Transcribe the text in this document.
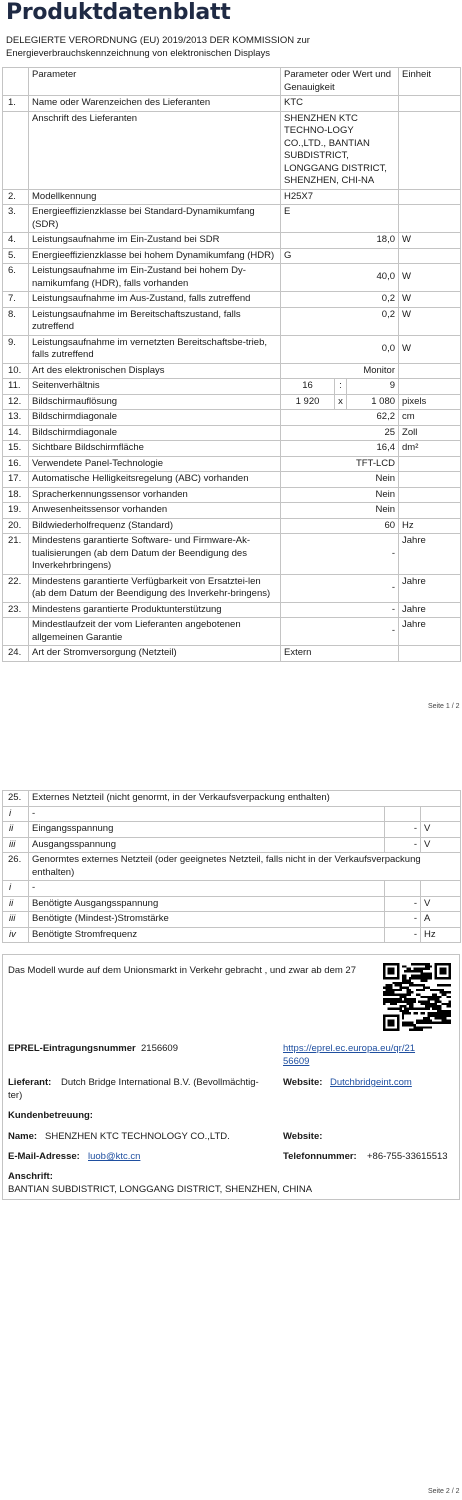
Produktdatenblatt
DELEGIERTE VERORDNUNG (EU) 2019/2013 DER KOMMISSION zur Energieverbrauchskennzeichnung von elektronischen Displays
	Parameter	Parameter oder Wert und Genauigkeit			Einheit
1.	Name oder Warenzeichen des Lieferanten	KTC			
	Anschrift des Lieferanten	SHENZHEN KTC TECHNO-LOGY CO.,LTD., BANTIAN SUBDISTRICT, LONGGANG DISTRICT, SHENZHEN, CHI-NA			
2.	Modellkennung	H25X7			
3.	Energieeffizienzklasse bei Standard-Dynamikumfang (SDR)	E			
4.	Leistungsaufnahme im Ein-Zustand bei SDR	18,0			W
5.	Energieeffizienzklasse bei hohem Dynamikumfang (HDR)	G			
6.	Leistungsaufnahme im Ein-Zustand bei hohem Dy-namikumfang (HDR), falls vorhanden	40,0			W
7.	Leistungsaufnahme im Aus-Zustand, falls zutreffend	0,2			W
8.	Leistungsaufnahme im Bereitschaftszustand, falls zutreffend	0,2			W
9.	Leistungsaufnahme im vernetzten Bereitschaftsbe-trieb, falls zutreffend	0,0			W
10.	Art des elektronischen Displays	Monitor			
11.	Seitenverhältnis	16	:	9	
12.	Bildschirmauflösung	1 920	x	1 080	pixels
13.	Bildschirmdiagonale	62,2			cm
14.	Bildschirmdiagonale	25			Zoll
15.	Sichtbare Bildschirmfläche	16,4			dm²
16.	Verwendete Panel-Technologie	TFT-LCD			
17.	Automatische Helligkeitsregelung (ABC) vorhanden	Nein			
18.	Spracherkennungssensor vorhanden	Nein			
19.	Anwesenheitssensor vorhanden	Nein			
20.	Bildwiederholfrequenz (Standard)	60			Hz
21.	Mindestens garantierte Software- und Firmware-Ak-tualisierungen (ab dem Datum der Beendigung des Inverkehrbringens)	-			Jahre
22.	Mindestens garantierte Verfügbarkeit von Ersatztei-len (ab dem Datum der Beendigung des Inverkehr-bringens)	-			Jahre
23.	Mindestens garantierte Produktunterstützung	-			Jahre
	Mindestlaufzeit der vom Lieferanten angebotenen allgemeinen Garantie	-			Jahre
24.	Art der Stromversorgung (Netzteil)	Extern			
Seite 1 / 2
25.	Externes Netzteil (nicht genormt, in der Verkaufsverpackung enthalten)		
i	-		
ii	Eingangsspannung	-	V
iii	Ausgangsspannung	-	V
26.	Genormtes externes Netzteil (oder geeignetes Netzteil, falls nicht in der Verkaufsverpackung enthalten)		
i	-		
ii	Benötigte Ausgangsspannung	-	V
iii	Benötigte (Mindest-)Stromstärke	-	A
iv	Benötigte Stromfrequenz	-	Hz
Das Modell wurde auf dem Unionsmarkt in Verkehr gebracht , und zwar ab dem 27
EPREL-Eintragungsnummer 2156609	https://eprel.ec.europa.eu/qr/21
56609
Lieferant: Dutch Bridge International B.V. (Bevollmächtig-
ter)
Website: Dutchbridgeint.com
Kundenbetreuung:
Name: SHENZHEN KTC TECHNOLOGY CO.,LTD.	Website:
E-Mail-Adresse: luob@ktc.cn	Telefonnummer: +86-755-33615513
Anschrift:
BANTIAN SUBDISTRICT, LONGGANG DISTRICT, SHENZHEN, CHINA
Seite 2 / 2
